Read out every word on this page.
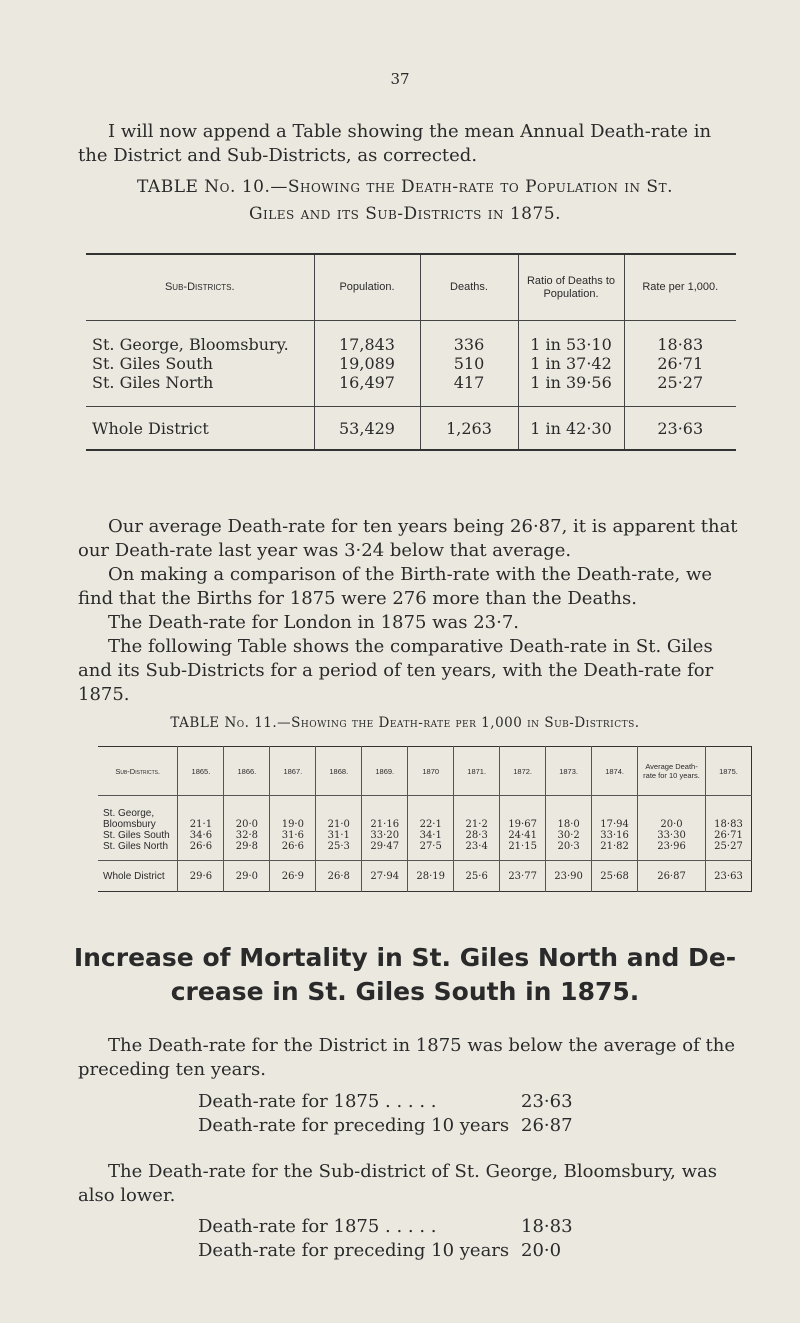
37
I will now append a Table showing the mean Annual Death-rate in the District and Sub-Districts, as corrected.
TABLE No. 10.—Showing the Death-rate to Population in St.
Giles and its Sub-Districts in 1875.
Sub-Districts.	Population.	Deaths.	Ratio of Deaths to Population.	Rate per 1,000.

St. George, Bloomsbury.	17,843	336	1 in 53·10	18·83
St. Giles South	19,089	510	1 in 37·42	26·71
St. Giles North	16,497	417	1 in 39·56	25·27

Whole District	53,429	1,263	1 in 42·30	23·63
Our average Death-rate for ten years being 26·87, it is apparent that our Death-rate last year was 3·24 below that average.
On making a comparison of the Birth-rate with the Death-rate, we find that the Births for 1875 were 276 more than the Deaths.
The Death-rate for London in 1875 was 23·7.
The following Table shows the comparative Death-rate in St. Giles and its Sub-Districts for a period of ten years, with the Death-rate for 1875.
TABLE No. 11.—Showing the Death-rate per 1,000 in Sub-Districts.
Sub-Districts.	1865.	1866.	1867.	1868.	1869.	1870	1871.	1872.	1873.	1874.	Average Death-rate for 10 years.	1875.
St. George, Bloomsbury	21·1	20·0	19·0	21·0	21·16	22·1	21·2	19·67	18·0	17·94	20·0	18·83
St. Giles South	34·6	32·8	31·6	31·1	33·20	34·1	28·3	24·41	30·2	33·16	33·30	26·71
St. Giles North	26·6	29·8	26·6	25·3	29·47	27·5	23·4	21·15	20·3	21·82	23·96	25·27
Whole District	29·6	29·0	26·9	26·8	27·94	28·19	25·6	23·77	23·90	25·68	26·87	23·63
Increase of Mortality in St. Giles North and De-
crease in St. Giles South in 1875.
The Death-rate for the District in 1875 was below the average of the preceding ten years.
Death-rate for 1875 . . . . .	23·63
Death-rate for preceding 10 years 26·87
The Death-rate for the Sub-district of St. George, Bloomsbury, was also lower.
Death-rate for 1875 . . . . .	18·83
Death-rate for preceding 10 years 20·0
